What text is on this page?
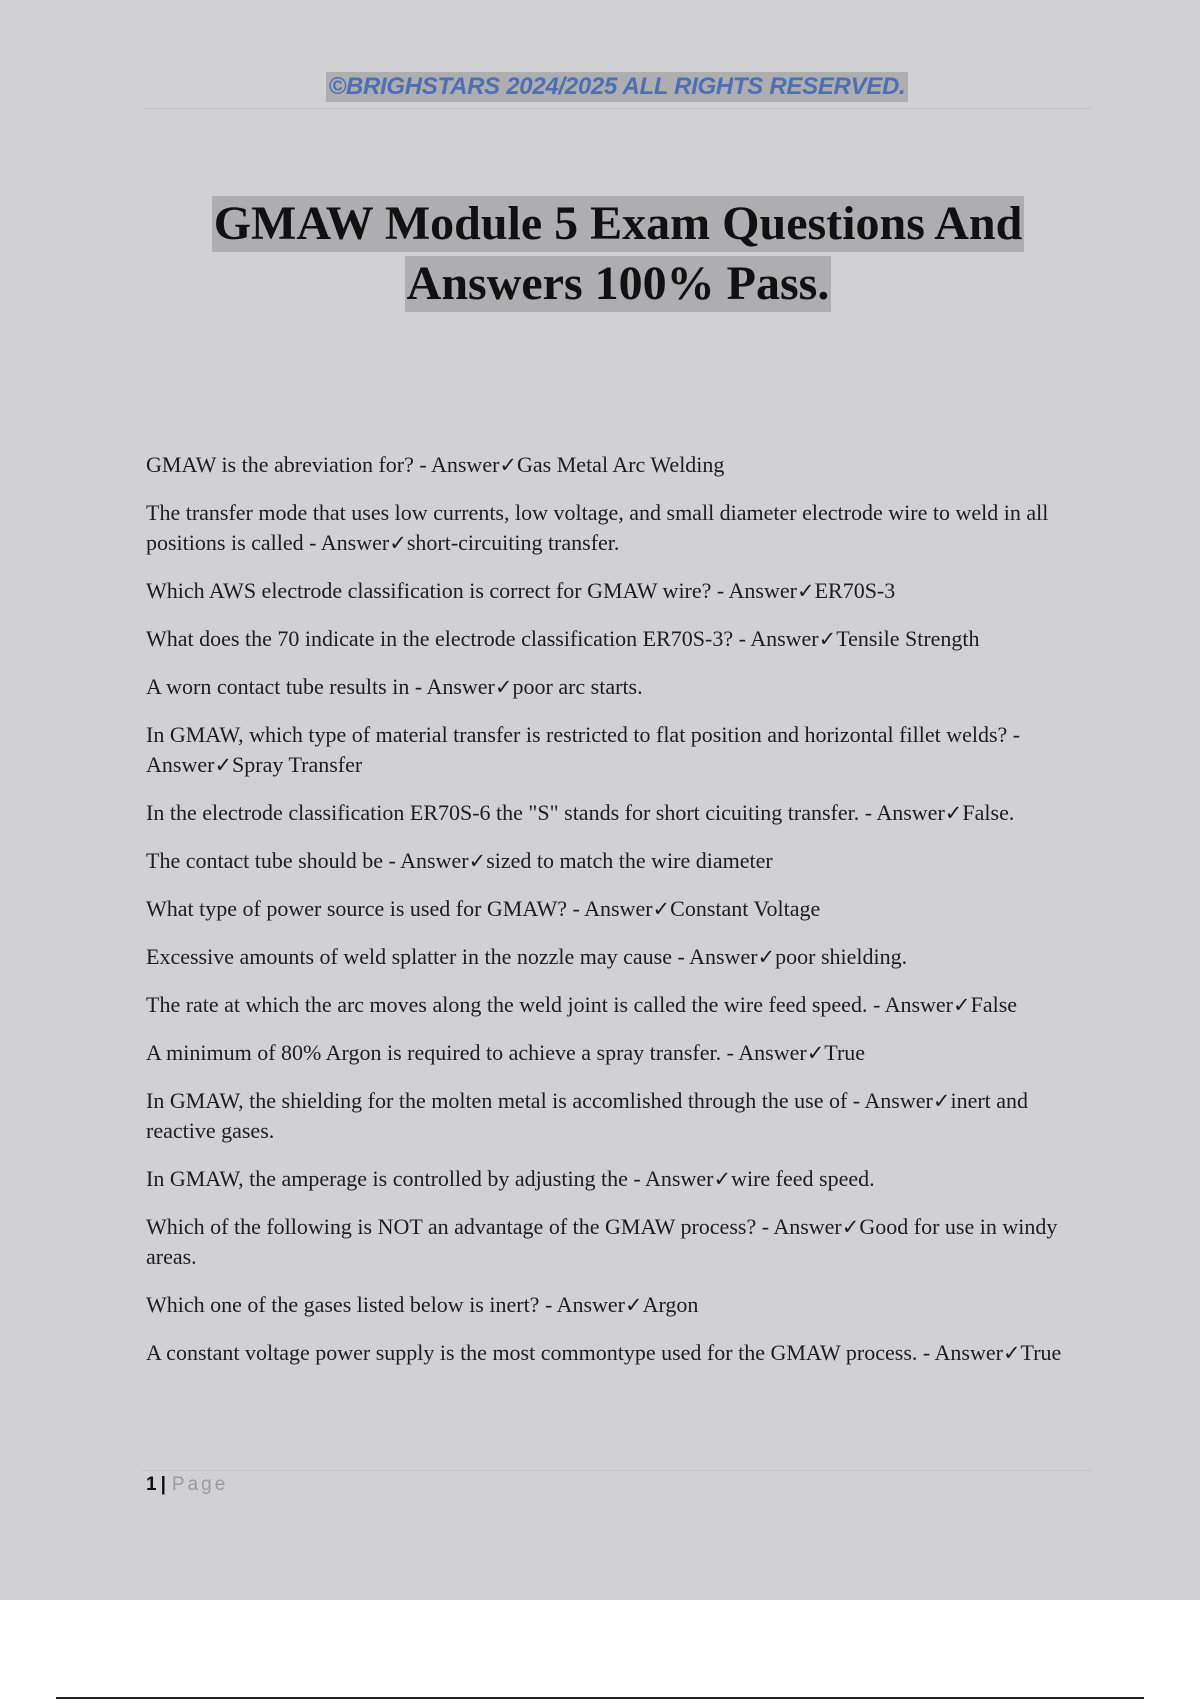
©BRIGHSTARS 2024/2025 ALL RIGHTS RESERVED.
GMAW Module 5 Exam Questions And
Answers 100% Pass.

GMAW is the abreviation for? - Answer✓Gas Metal Arc Welding

The transfer mode that uses low currents, low voltage, and small diameter electrode wire to weld in all positions is called - Answer✓short-circuiting transfer.

Which AWS electrode classification is correct for GMAW wire? - Answer✓ER70S-3

What does the 70 indicate in the electrode classification ER70S-3? - Answer✓Tensile Strength

A worn contact tube results in - Answer✓poor arc starts.

In GMAW, which type of material transfer is restricted to flat position and horizontal fillet welds? - Answer✓Spray Transfer

In the electrode classification ER70S-6 the "S" stands for short cicuiting transfer. - Answer✓False.

The contact tube should be - Answer✓sized to match the wire diameter

What type of power source is used for GMAW? - Answer✓Constant Voltage

Excessive amounts of weld splatter in the nozzle may cause - Answer✓poor shielding.

The rate at which the arc moves along the weld joint is called the wire feed speed. - Answer✓False

A minimum of 80% Argon is required to achieve a spray transfer. - Answer✓True

In GMAW, the shielding for the molten metal is accomlished through the use of - Answer✓inert and reactive gases.

In GMAW, the amperage is controlled by adjusting the - Answer✓wire feed speed.

Which of the following is NOT an advantage of the GMAW process? - Answer✓Good for use in windy areas.

Which one of the gases listed below is inert? - Answer✓Argon

A constant voltage power supply is the most commontype used for the GMAW process. - Answer✓True

1 | Page
